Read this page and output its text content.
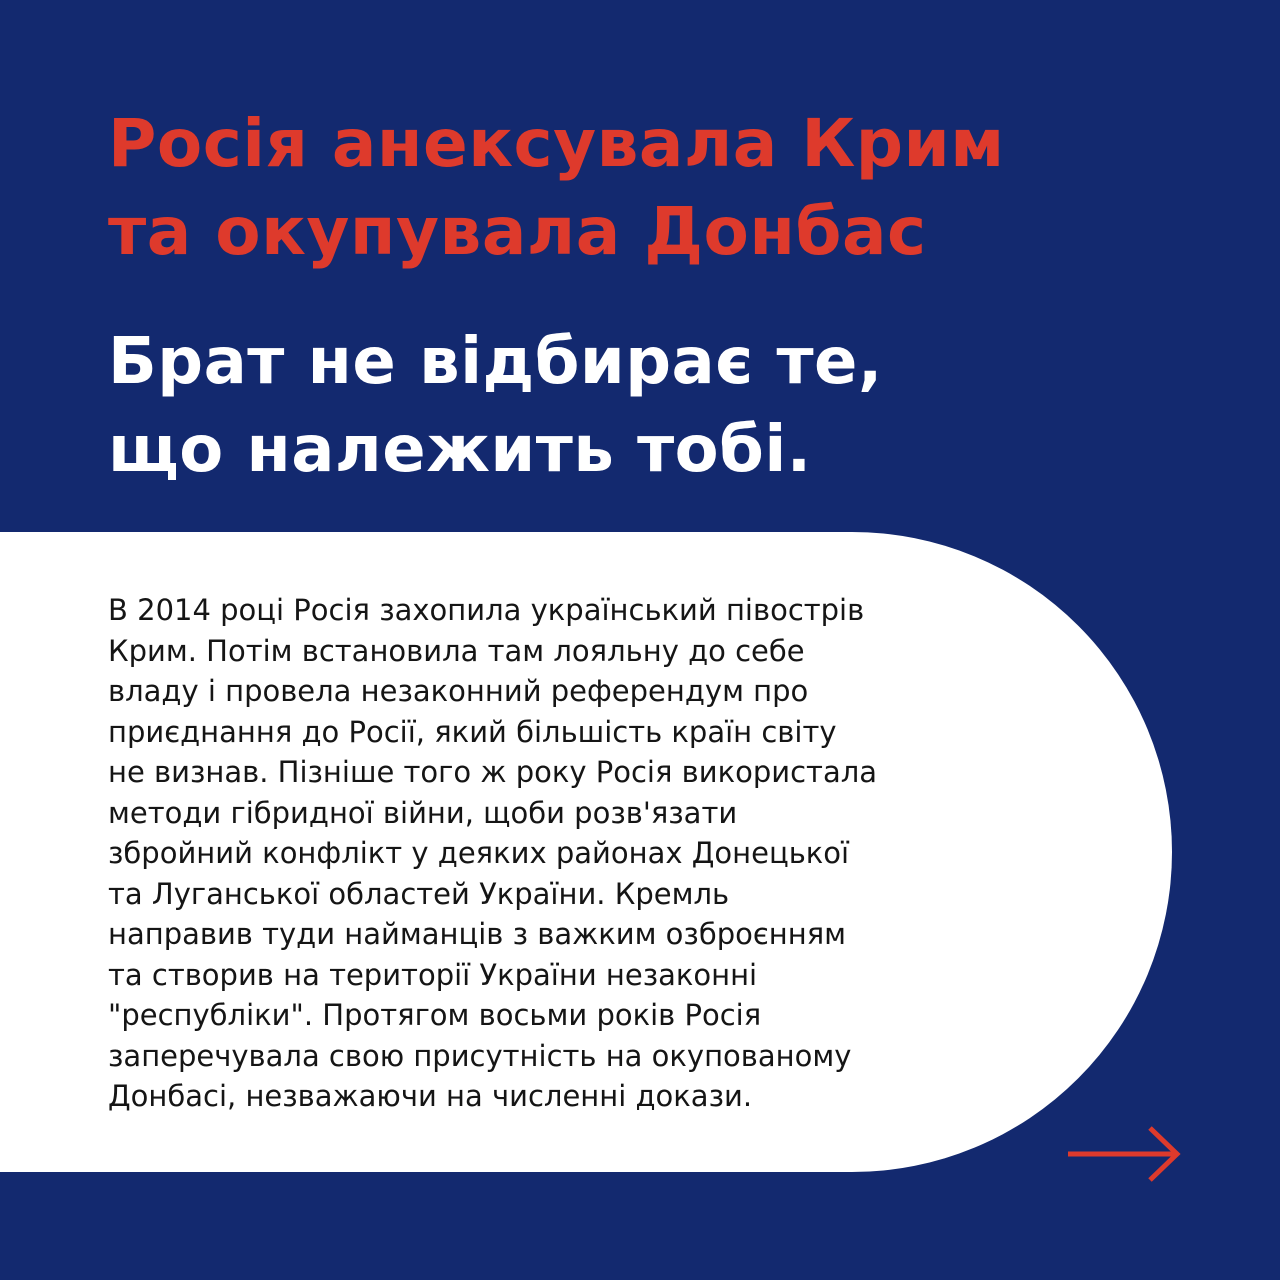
Росія анексувала Крим
та окупувала Донбас
Брат не відбирає те,
що належить тобі.

В 2014 році Росія захопила український півострів
Крим. Потім встановила там лояльну до себе
владу і провела незаконний референдум про
приєднання до Росії, який більшість країн світу
не визнав. Пізніше того ж року Росія використала
методи гібридної війни, щоби розв'язати
збройний конфлікт у деяких районах Донецької
та Луганської областей України. Кремль
направив туди найманців з важким озброєнням
та створив на території України незаконні
"республіки". Протягом восьми років Росія
заперечувала свою присутність на окупованому
Донбасі, незважаючи на численні докази.
